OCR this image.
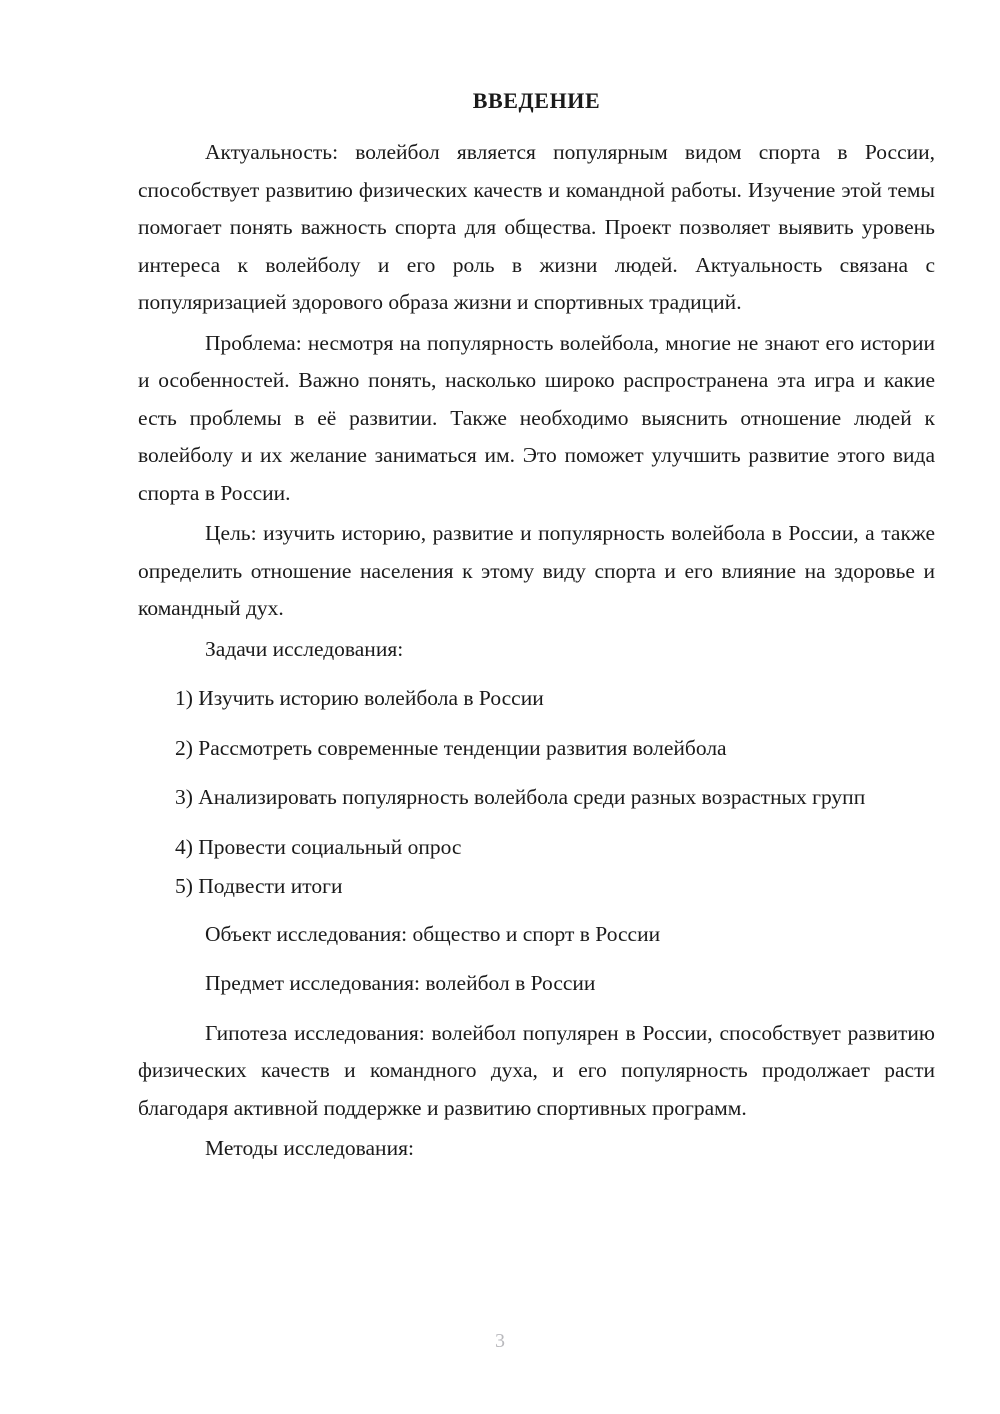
ВВЕДЕНИЕ

Актуальность: волейбол является популярным видом спорта в России, способствует развитию физических качеств и командной работы. Изучение этой темы помогает понять важность спорта для общества. Проект позволяет выявить уровень интереса к волейболу и его роль в жизни людей. Актуальность связана с популяризацией здорового образа жизни и спортивных традиций.

Проблема: несмотря на популярность волейбола, многие не знают его истории и особенностей. Важно понять, насколько широко распространена эта игра и какие есть проблемы в её развитии. Также необходимо выяснить отношение людей к волейболу и их желание заниматься им. Это поможет улучшить развитие этого вида спорта в России.

Цель: изучить историю, развитие и популярность волейбола в России, а также определить отношение населения к этому виду спорта и его влияние на здоровье и командный дух.

Задачи исследования:

1) Изучить историю волейбола в России
2) Рассмотреть современные тенденции развития волейбола
3) Анализировать популярность волейбола среди разных возрастных групп
4) Провести социальный опрос
5) Подвести итоги

Объект исследования: общество и спорт в России

Предмет исследования: волейбол в России

Гипотеза исследования: волейбол популярен в России, способствует развитию физических качеств и командного духа, и его популярность продолжает расти благодаря активной поддержке и развитию спортивных программ.

Методы исследования:

3
